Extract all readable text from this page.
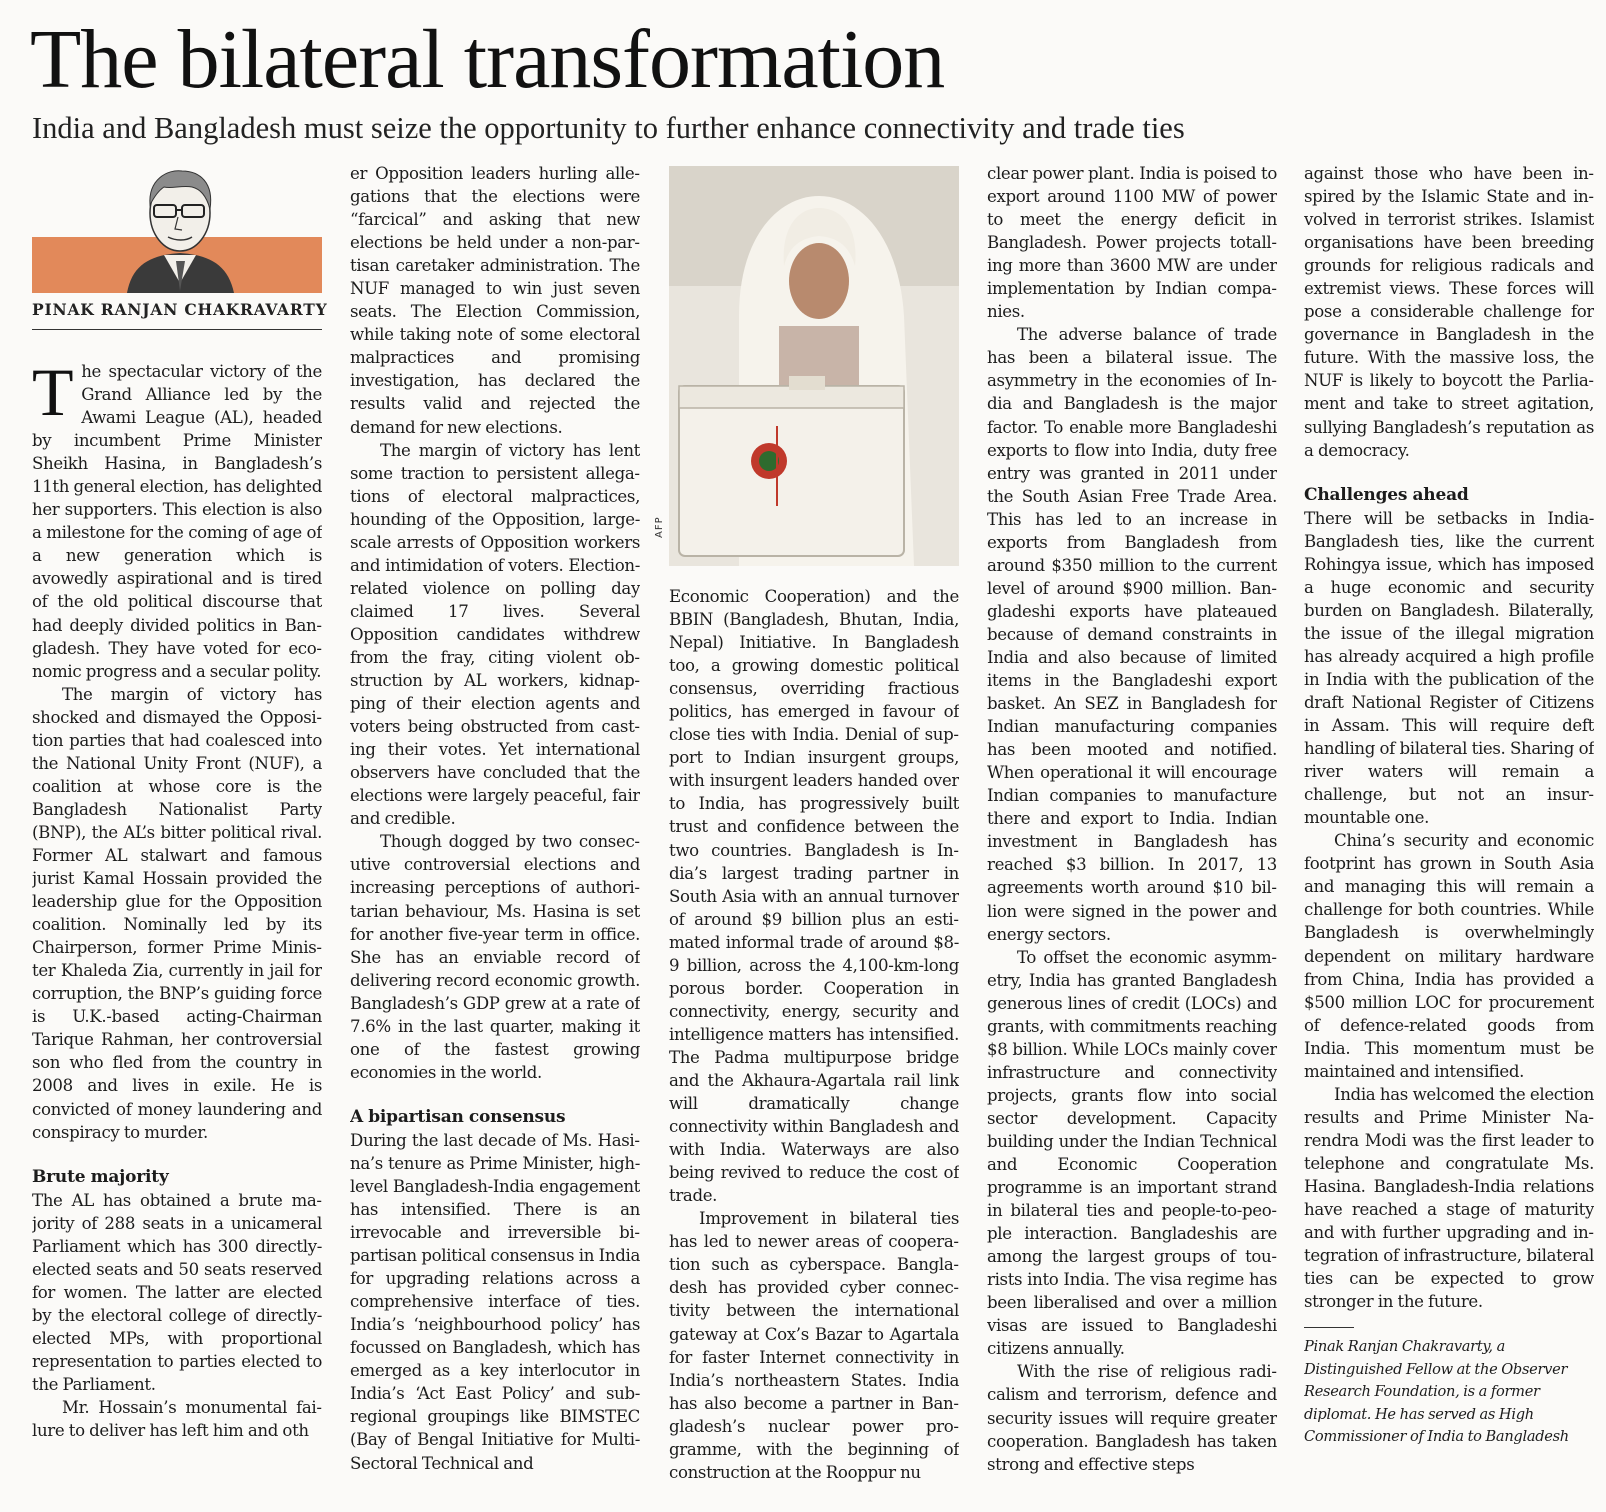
The bilateral transformation
India and Bangladesh must seize the opportunity to further enhance connectivity and trade ties
PINAK RANJAN CHAKRAVARTY

The spectacular victory of the Grand Alliance led by the Awami League (AL), headed by incumbent Prime Minister Sheikh Hasina, in Bangladesh’s 11th general election, has delighted her supporters. This election is also a milestone for the coming of age of a new generation which is avowedly aspirational and is tired of the old political discourse that had deeply divided politics in Bangladesh. They have voted for economic progress and a secular polity.

The margin of victory has shocked and dismayed the Opposition parties that had coalesced into the National Unity Front (NUF), a coalition at whose core is the Bangladesh Nationalist Party (BNP), the AL’s bitter political rival. Former AL stalwart and famous jurist Kamal Hossain provided the leadership glue for the Opposition coalition. Nominally led by its Chairperson, former Prime Minister Khaleda Zia, currently in jail for corruption, the BNP’s guiding force is U.K.-based acting-Chairman Tarique Rahman, her controversial son who fled from the country in 2008 and lives in exile. He is convicted of money laundering and conspiracy to murder.

Brute majority

The AL has obtained a brute majority of 288 seats in a unicameral Parliament which has 300 directly-elected seats and 50 seats reserved for women. The latter are elected by the electoral college of directly-elected MPs, with proportional representation to parties elected to the Parliament.

Mr. Hossain’s monumental failure to deliver has left him and oth

er Opposition leaders hurling allegations that the elections were “farcical” and asking that new elections be held under a non-partisan caretaker administration. The NUF managed to win just seven seats. The Election Commission, while taking note of some electoral malpractices and promising investigation, has declared the results valid and rejected the demand for new elections.

The margin of victory has lent some traction to persistent allegations of electoral malpractices, hounding of the Opposition, large-scale arrests of Opposition workers and intimidation of voters. Election-related violence on polling day claimed 17 lives. Several Opposition candidates withdrew from the fray, citing violent obstruction by AL workers, kidnapping of their election agents and voters being obstructed from casting their votes. Yet international observers have concluded that the elections were largely peaceful, fair and credible.

Though dogged by two consecutive controversial elections and increasing perceptions of authoritarian behaviour, Ms. Hasina is set for another five-year term in office. She has an enviable record of delivering record economic growth. Bangladesh’s GDP grew at a rate of 7.6% in the last quarter, making it one of the fastest growing economies in the world.

A bipartisan consensus

During the last decade of Ms. Hasina’s tenure as Prime Minister, high-level Bangladesh-India engagement has intensified. There is an irrevocable and irreversible bipartisan political consensus in India for upgrading relations across a comprehensive interface of ties. India’s ‘neighbourhood policy’ has focussed on Bangladesh, which has emerged as a key interlocutor in India’s ‘Act East Policy’ and sub-regional groupings like BIMSTEC (Bay of Bengal Initiative for Multi-Sectoral Technical and

AFP

Economic Cooperation) and the BBIN (Bangladesh, Bhutan, India, Nepal) Initiative. In Bangladesh too, a growing domestic political consensus, overriding fractious politics, has emerged in favour of close ties with India. Denial of support to Indian insurgent groups, with insurgent leaders handed over to India, has progressively built trust and confidence between the two countries. Bangladesh is India’s largest trading partner in South Asia with an annual turnover of around $9 billion plus an estimated informal trade of around $8-9 billion, across the 4,100-km-long porous border. Cooperation in connectivity, energy, security and intelligence matters has intensified. The Padma multipurpose bridge and the Akhaura-Agartala rail link will dramatically change connectivity within Bangladesh and with India. Waterways are also being revived to reduce the cost of trade.

Improvement in bilateral ties has led to newer areas of cooperation such as cyberspace. Bangladesh has provided cyber connectivity between the international gateway at Cox’s Bazar to Agartala for faster Internet connectivity in India’s northeastern States. India has also become a partner in Bangladesh’s nuclear power programme, with the beginning of construction at the Rooppur nu

clear power plant. India is poised to export around 1100 MW of power to meet the energy deficit in Bangladesh. Power projects totalling more than 3600 MW are under implementation by Indian companies.

The adverse balance of trade has been a bilateral issue. The asymmetry in the economies of India and Bangladesh is the major factor. To enable more Bangladeshi exports to flow into India, duty free entry was granted in 2011 under the South Asian Free Trade Area. This has led to an increase in exports from Bangladesh from around $350 million to the current level of around $900 million. Bangladeshi exports have plateaued because of demand constraints in India and also because of limited items in the Bangladeshi export basket. An SEZ in Bangladesh for Indian manufacturing companies has been mooted and notified. When operational it will encourage Indian companies to manufacture there and export to India. Indian investment in Bangladesh has reached $3 billion. In 2017, 13 agreements worth around $10 billion were signed in the power and energy sectors.

To offset the economic asymmetry, India has granted Bangladesh generous lines of credit (LOCs) and grants, with commitments reaching $8 billion. While LOCs mainly cover infrastructure and connectivity projects, grants flow into social sector development. Capacity building under the Indian Technical and Economic Cooperation programme is an important strand in bilateral ties and people-to-people interaction. Bangladeshis are among the largest groups of tourists into India. The visa regime has been liberalised and over a million visas are issued to Bangladeshi citizens annually.

With the rise of religious radicalism and terrorism, defence and security issues will require greater cooperation. Bangladesh has taken strong and effective steps

against those who have been inspired by the Islamic State and involved in terrorist strikes. Islamist organisations have been breeding grounds for religious radicals and extremist views. These forces will pose a considerable challenge for governance in Bangladesh in the future. With the massive loss, the NUF is likely to boycott the Parliament and take to street agitation, sullying Bangladesh’s reputation as a democracy.

Challenges ahead

There will be setbacks in India-Bangladesh ties, like the current Rohingya issue, which has imposed a huge economic and security burden on Bangladesh. Bilaterally, the issue of the illegal migration has already acquired a high profile in India with the publication of the draft National Register of Citizens in Assam. This will require deft handling of bilateral ties. Sharing of river waters will remain a challenge, but not an insurmountable one.

China’s security and economic footprint has grown in South Asia and managing this will remain a challenge for both countries. While Bangladesh is overwhelmingly dependent on military hardware from China, India has provided a $500 million LOC for procurement of defence-related goods from India. This momentum must be maintained and intensified.

India has welcomed the election results and Prime Minister Narendra Modi was the first leader to telephone and congratulate Ms. Hasina. Bangladesh-India relations have reached a stage of maturity and with further upgrading and integration of infrastructure, bilateral ties can be expected to grow stronger in the future.

Pinak Ranjan Chakravarty, a Distinguished Fellow at the Observer Research Foundation, is a former diplomat. He has served as High Commissioner of India to Bangladesh
